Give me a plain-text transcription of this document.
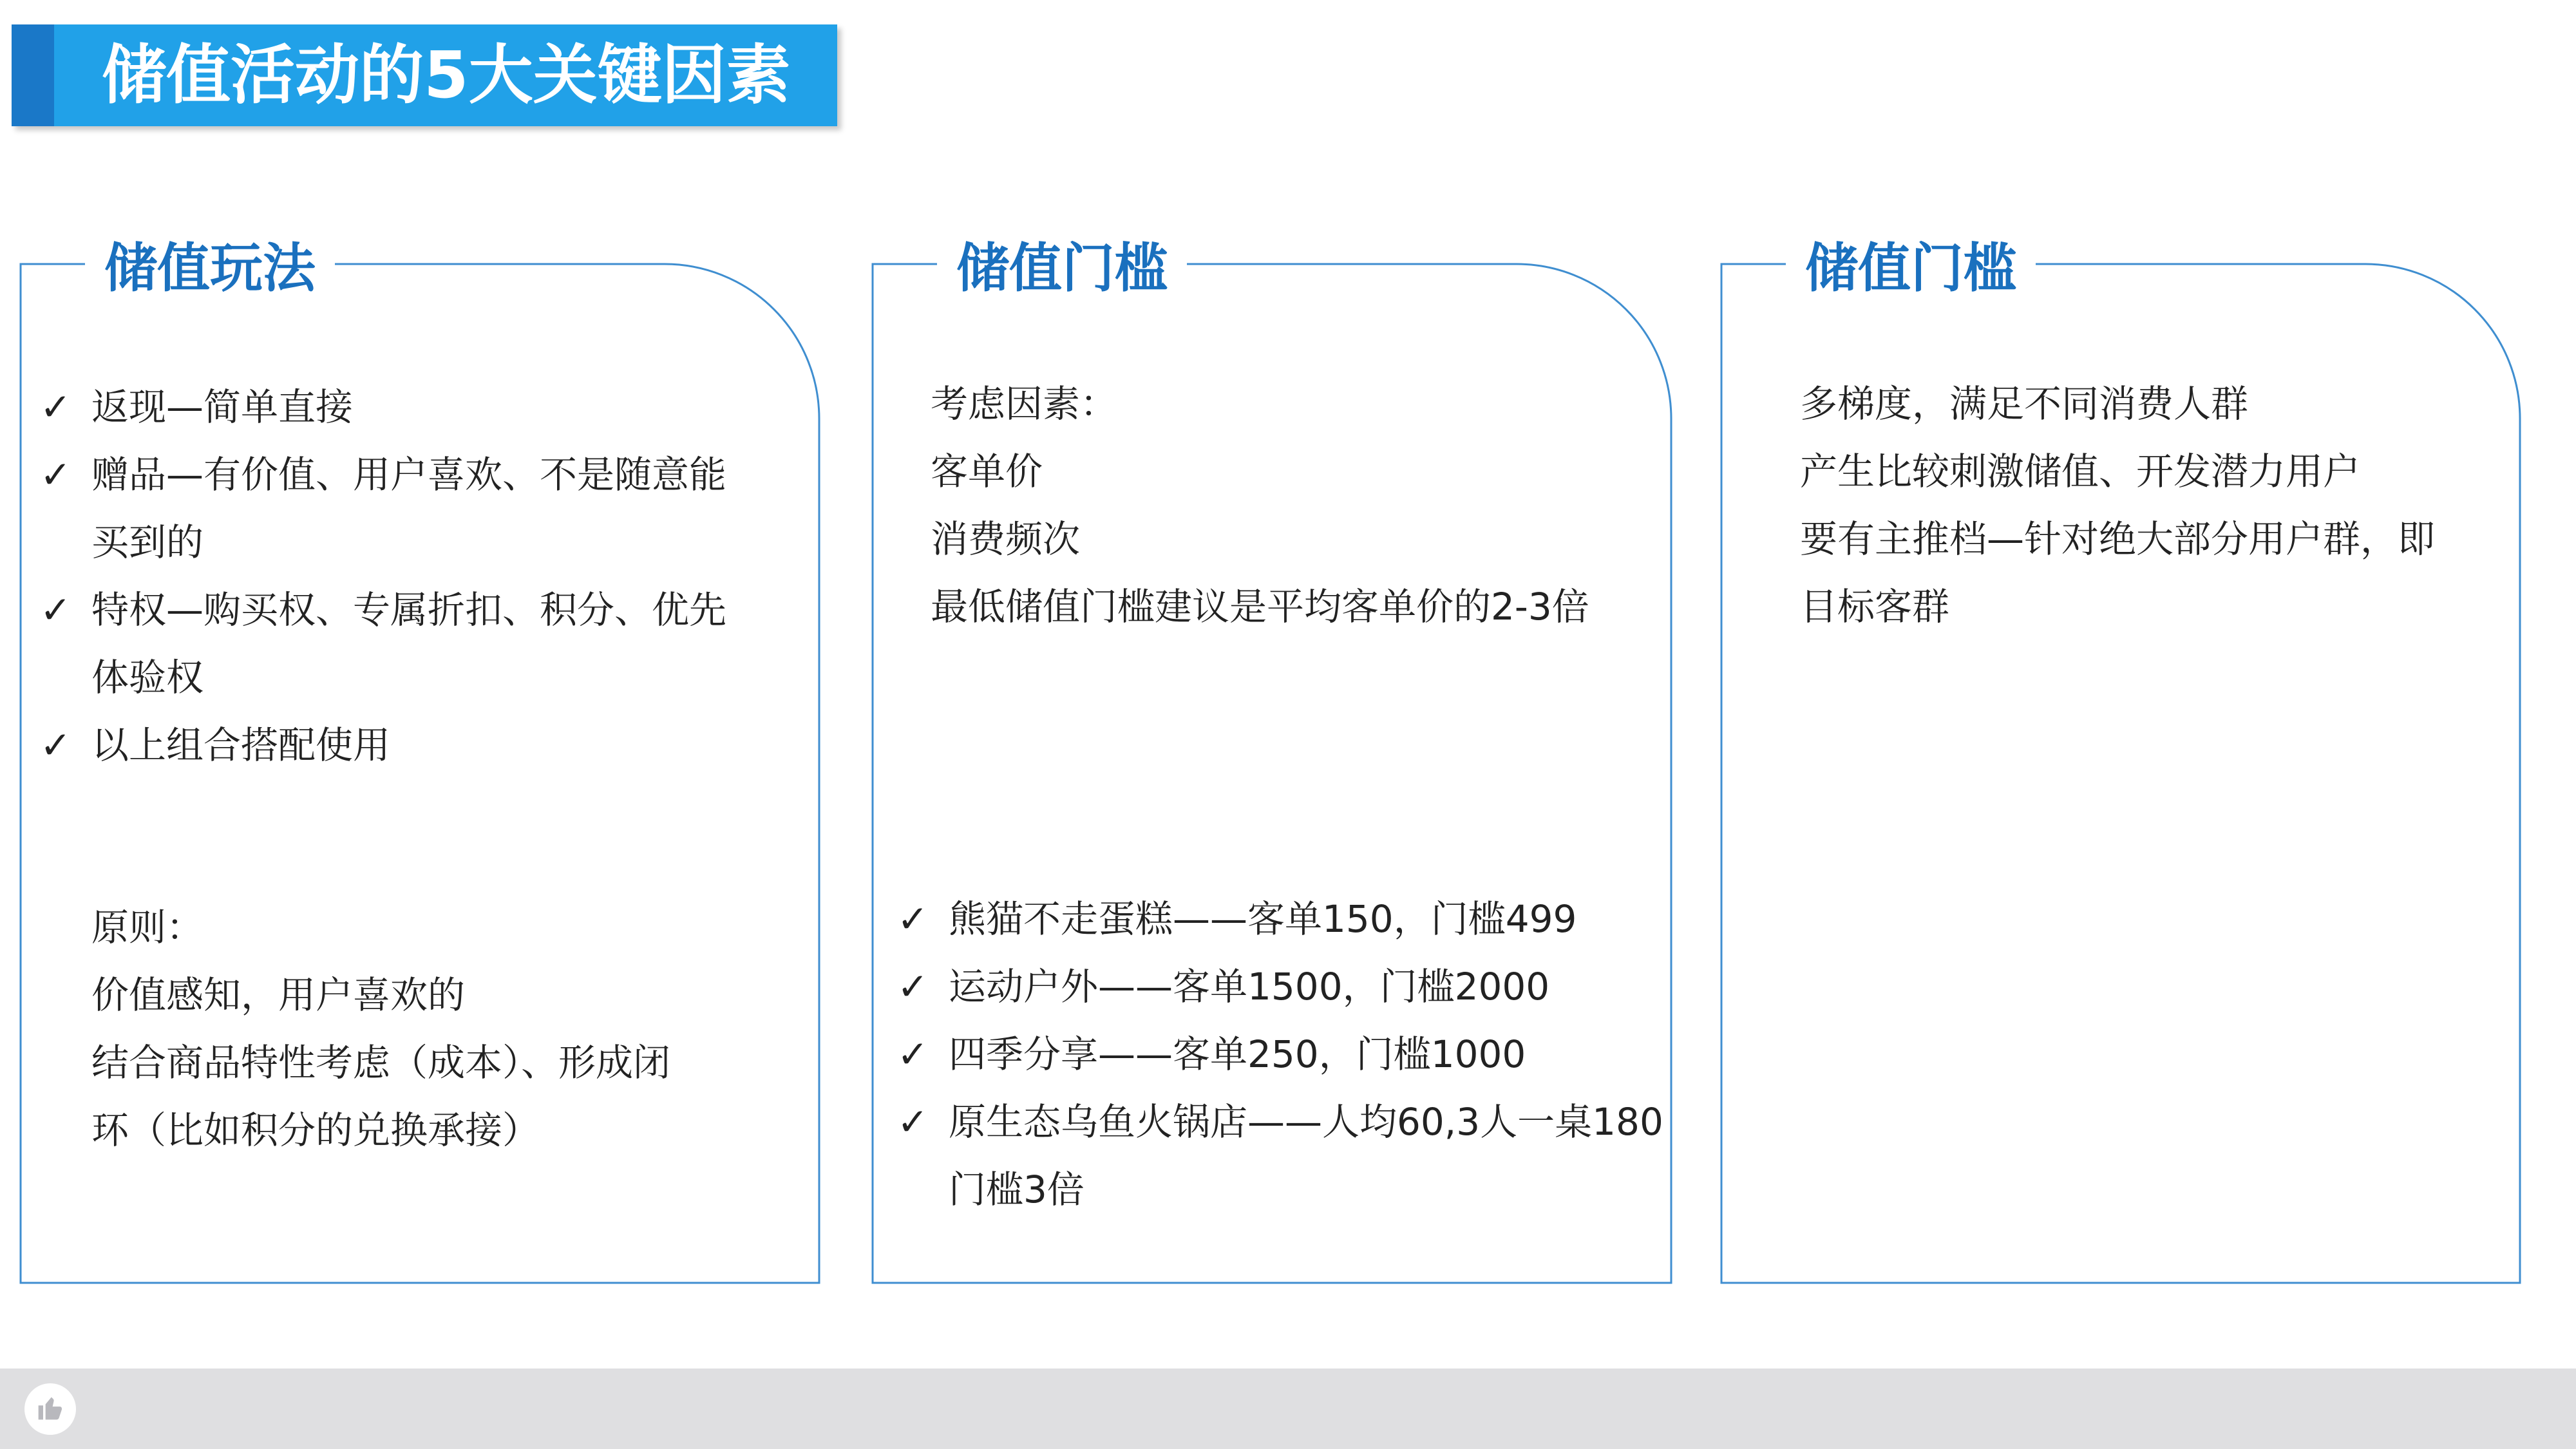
储值活动的5大关键因素
储值玩法
✓ 返现—简单直接
✓ 赠品—有价值、用户喜欢、不是随意能
买到的
✓ 特权—购买权、专属折扣、积分、优先
体验权
✓ 以上组合搭配使用
原则：
价值感知，用户喜欢的
结合商品特性考虑（成本）、形成闭
环（比如积分的兑换承接）
储值门槛
考虑因素：
客单价
消费频次
最低储值门槛建议是平均客单价的2-3倍
✓ 熊猫不走蛋糕——客单150，门槛499
✓ 运动户外——客单1500，门槛2000
✓ 四季分享——客单250，门槛1000
✓ 原生态乌鱼火锅店——人均60,3人一桌180
门槛3倍
储值门槛
多梯度，满足不同消费人群
产生比较刺激储值、开发潜力用户
要有主推档—针对绝大部分用户群，即
目标客群
